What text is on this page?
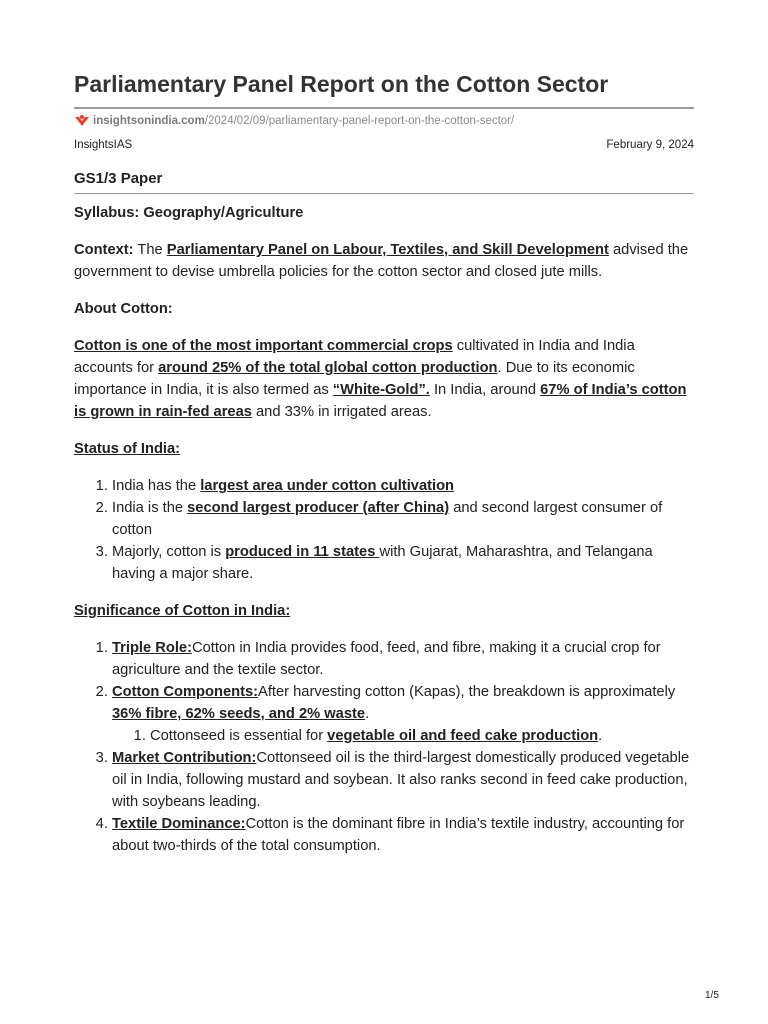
Parliamentary Panel Report on the Cotton Sector
insightsonindia.com /2024/02/09/parliamentary-panel-report-on-the-cotton-sector/
InsightsIAS	February 9, 2024
GS1/3 Paper

Syllabus: Geography/Agriculture

Context: The Parliamentary Panel on Labour, Textiles, and Skill Development advised the government to devise umbrella policies for the cotton sector and closed jute mills.

About Cotton:

Cotton is one of the most important commercial crops cultivated in India and India accounts for around 25% of the total global cotton production. Due to its economic importance in India, it is also termed as “White-Gold”. In India, around 67% of India’s cotton is grown in rain-fed areas and 33% in irrigated areas.

Status of India:

1. India has the largest area under cotton cultivation
2. India is the second largest producer (after China) and second largest consumer of cotton
3. Majorly, cotton is produced in 11 states with Gujarat, Maharashtra, and Telangana having a major share.

Significance of Cotton in India:

1. Triple Role:Cotton in India provides food, feed, and fibre, making it a crucial crop for agriculture and the textile sector.
2. Cotton Components:After harvesting cotton (Kapas), the breakdown is approximately 36% fibre, 62% seeds, and 2% waste.
1. Cottonseed is essential for vegetable oil and feed cake production.
3. Market Contribution:Cottonseed oil is the third-largest domestically produced vegetable oil in India, following mustard and soybean. It also ranks second in feed cake production, with soybeans leading.
4. Textile Dominance:Cotton is the dominant fibre in India’s textile industry, accounting for about two-thirds of the total consumption.
1/5
